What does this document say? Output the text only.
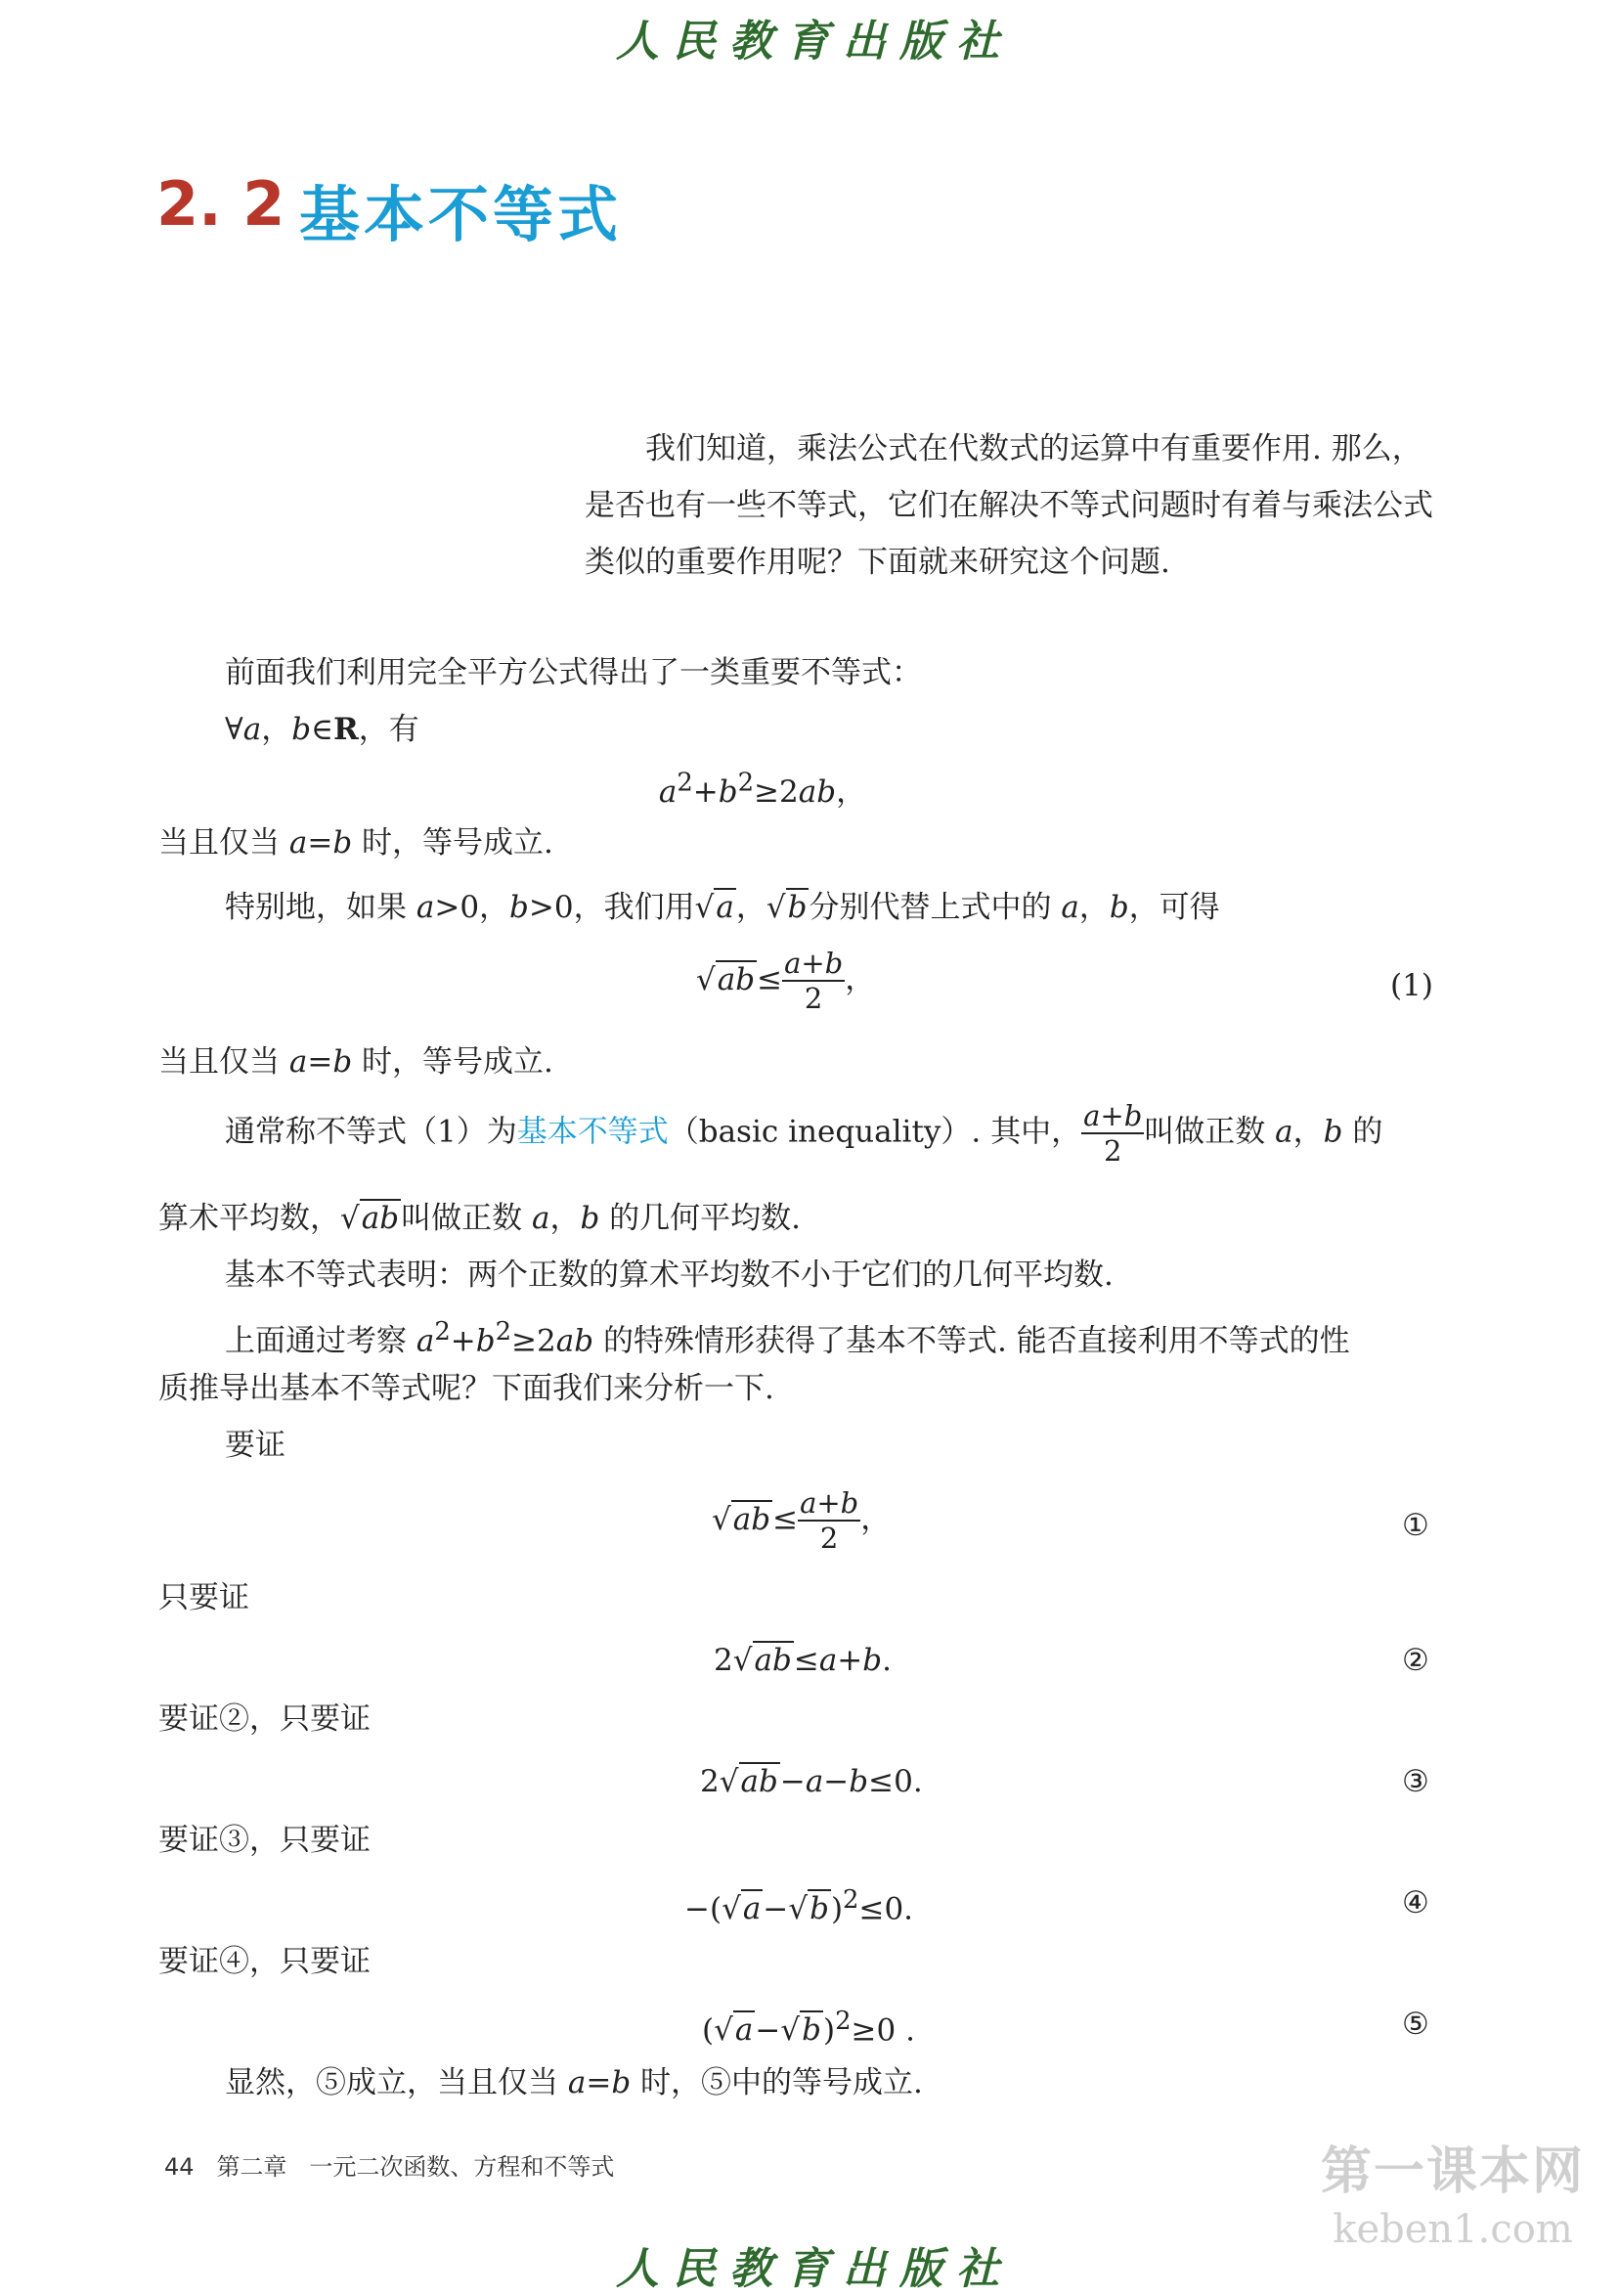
人民教育出版社
2. 2 基本不等式
我们知道，乘法公式在代数式的运算中有重要作用. 那么，是否也有一些不等式，它们在解决不等式问题时有着与乘法公式类似的重要作用呢？下面就来研究这个问题.
前面我们利用完全平方公式得出了一类重要不等式：
∀a，b∈R，有
$a^2+b^2\ge 2ab$，
当且仅当 a=b 时，等号成立.
特别地，如果 a>0，b>0，我们用√a，√b分别代替上式中的 a，b，可得
$√ab\le \frac{a+b}{2}$ ，	(1)
当且仅当 a=b 时，等号成立.
通常称不等式（1）为基本不等式（basic inequality）. 其中， $\frac{a+b}{2}$ 叫做正数 a，b 的
算术平均数，√ab叫做正数 a，b 的几何平均数.
基本不等式表明：两个正数的算术平均数不小于它们的几何平均数.
上面通过考察 $a^2+b^2\ge 2ab$ 的特殊情形获得了基本不等式. 能否直接利用不等式的性
质推导出基本不等式呢？下面我们来分析一下.
要证
$√ab\le \frac{a+b}{2}$ ，	①
只要证
2√ab≤a+b.	②
要证②，只要证
2√ab−a−b≤0.	③
要证③，只要证
$-(√a-√b)^2\le 0$.	④
要证④，只要证
$(√a-√b)^2\ge 0$ .	⑤
显然，⑤成立，当且仅当 a=b 时，⑤中的等号成立.
44 第二章 一元二次函数、方程和不等式	第一课本网
keben1.com
人民教育出版社
